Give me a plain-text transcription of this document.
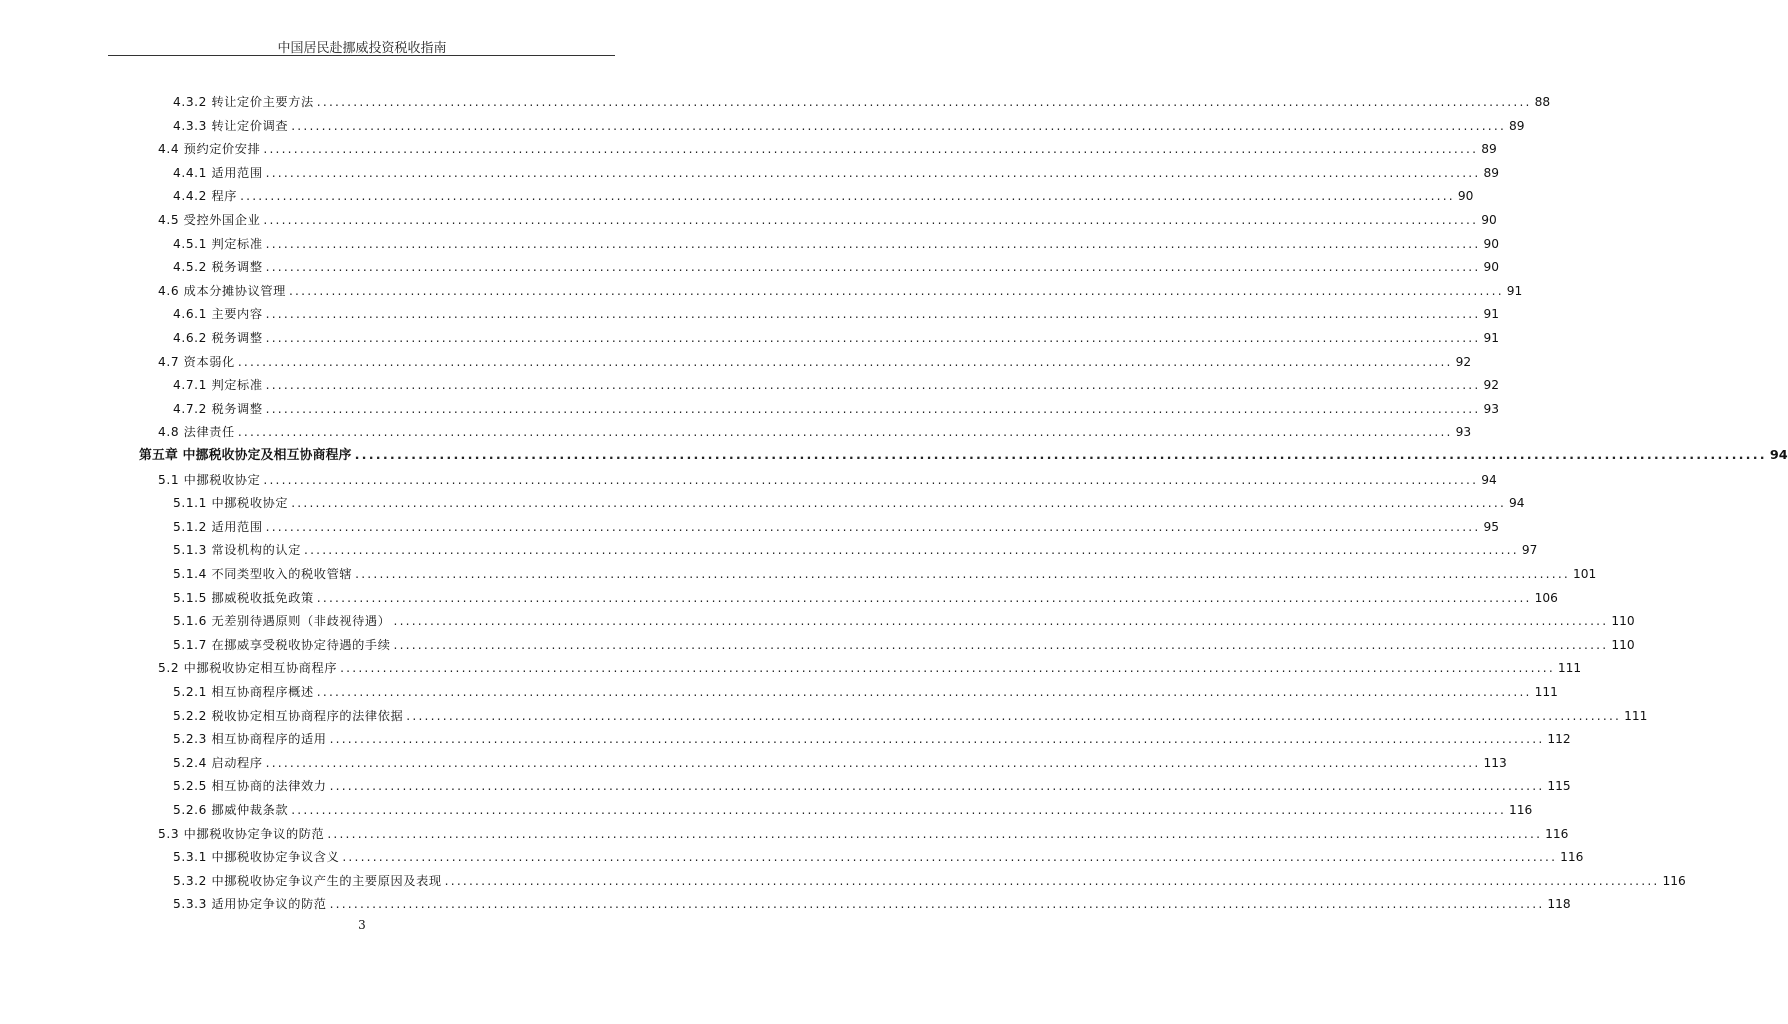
中国居民赴挪威投资税收指南
4.3.2 转让定价主要方法 ........................................................................................................................................................................................................ 88
4.3.3 转让定价调查 ........................................................................................................................................................................................................ 89
4.4 预约定价安排 ........................................................................................................................................................................................................ 89
4.4.1 适用范围 ........................................................................................................................................................................................................ 89
4.4.2 程序 ........................................................................................................................................................................................................ 90
4.5 受控外国企业 ........................................................................................................................................................................................................ 90
4.5.1 判定标准 ........................................................................................................................................................................................................ 90
4.5.2 税务调整 ........................................................................................................................................................................................................ 90
4.6 成本分摊协议管理 ........................................................................................................................................................................................................ 91
4.6.1 主要内容 ........................................................................................................................................................................................................ 91
4.6.2 税务调整 ........................................................................................................................................................................................................ 91
4.7 资本弱化 ........................................................................................................................................................................................................ 92
4.7.1 判定标准 ........................................................................................................................................................................................................ 92
4.7.2 税务调整 ........................................................................................................................................................................................................ 93
4.8 法律责任 ........................................................................................................................................................................................................ 93
第五章 中挪税收协定及相互协商程序 ........................................................................................................................................................................................................ 94
5.1 中挪税收协定 ........................................................................................................................................................................................................ 94
5.1.1 中挪税收协定 ........................................................................................................................................................................................................ 94
5.1.2 适用范围 ........................................................................................................................................................................................................ 95
5.1.3 常设机构的认定 ........................................................................................................................................................................................................ 97
5.1.4 不同类型收入的税收管辖 ........................................................................................................................................................................................................ 101
5.1.5 挪威税收抵免政策 ........................................................................................................................................................................................................ 106
5.1.6 无差别待遇原则（非歧视待遇） ........................................................................................................................................................................................................ 110
5.1.7 在挪威享受税收协定待遇的手续 ........................................................................................................................................................................................................ 110
5.2 中挪税收协定相互协商程序 ........................................................................................................................................................................................................ 111
5.2.1 相互协商程序概述 ........................................................................................................................................................................................................ 111
5.2.2 税收协定相互协商程序的法律依据 ........................................................................................................................................................................................................ 111
5.2.3 相互协商程序的适用 ........................................................................................................................................................................................................ 112
5.2.4 启动程序 ........................................................................................................................................................................................................ 113
5.2.5 相互协商的法律效力 ........................................................................................................................................................................................................ 115
5.2.6 挪威仲裁条款 ........................................................................................................................................................................................................ 116
5.3 中挪税收协定争议的防范 ........................................................................................................................................................................................................ 116
5.3.1 中挪税收协定争议含义 ........................................................................................................................................................................................................ 116
5.3.2 中挪税收协定争议产生的主要原因及表现 ........................................................................................................................................................................................................ 116
5.3.3 适用协定争议的防范 ........................................................................................................................................................................................................ 118
3
